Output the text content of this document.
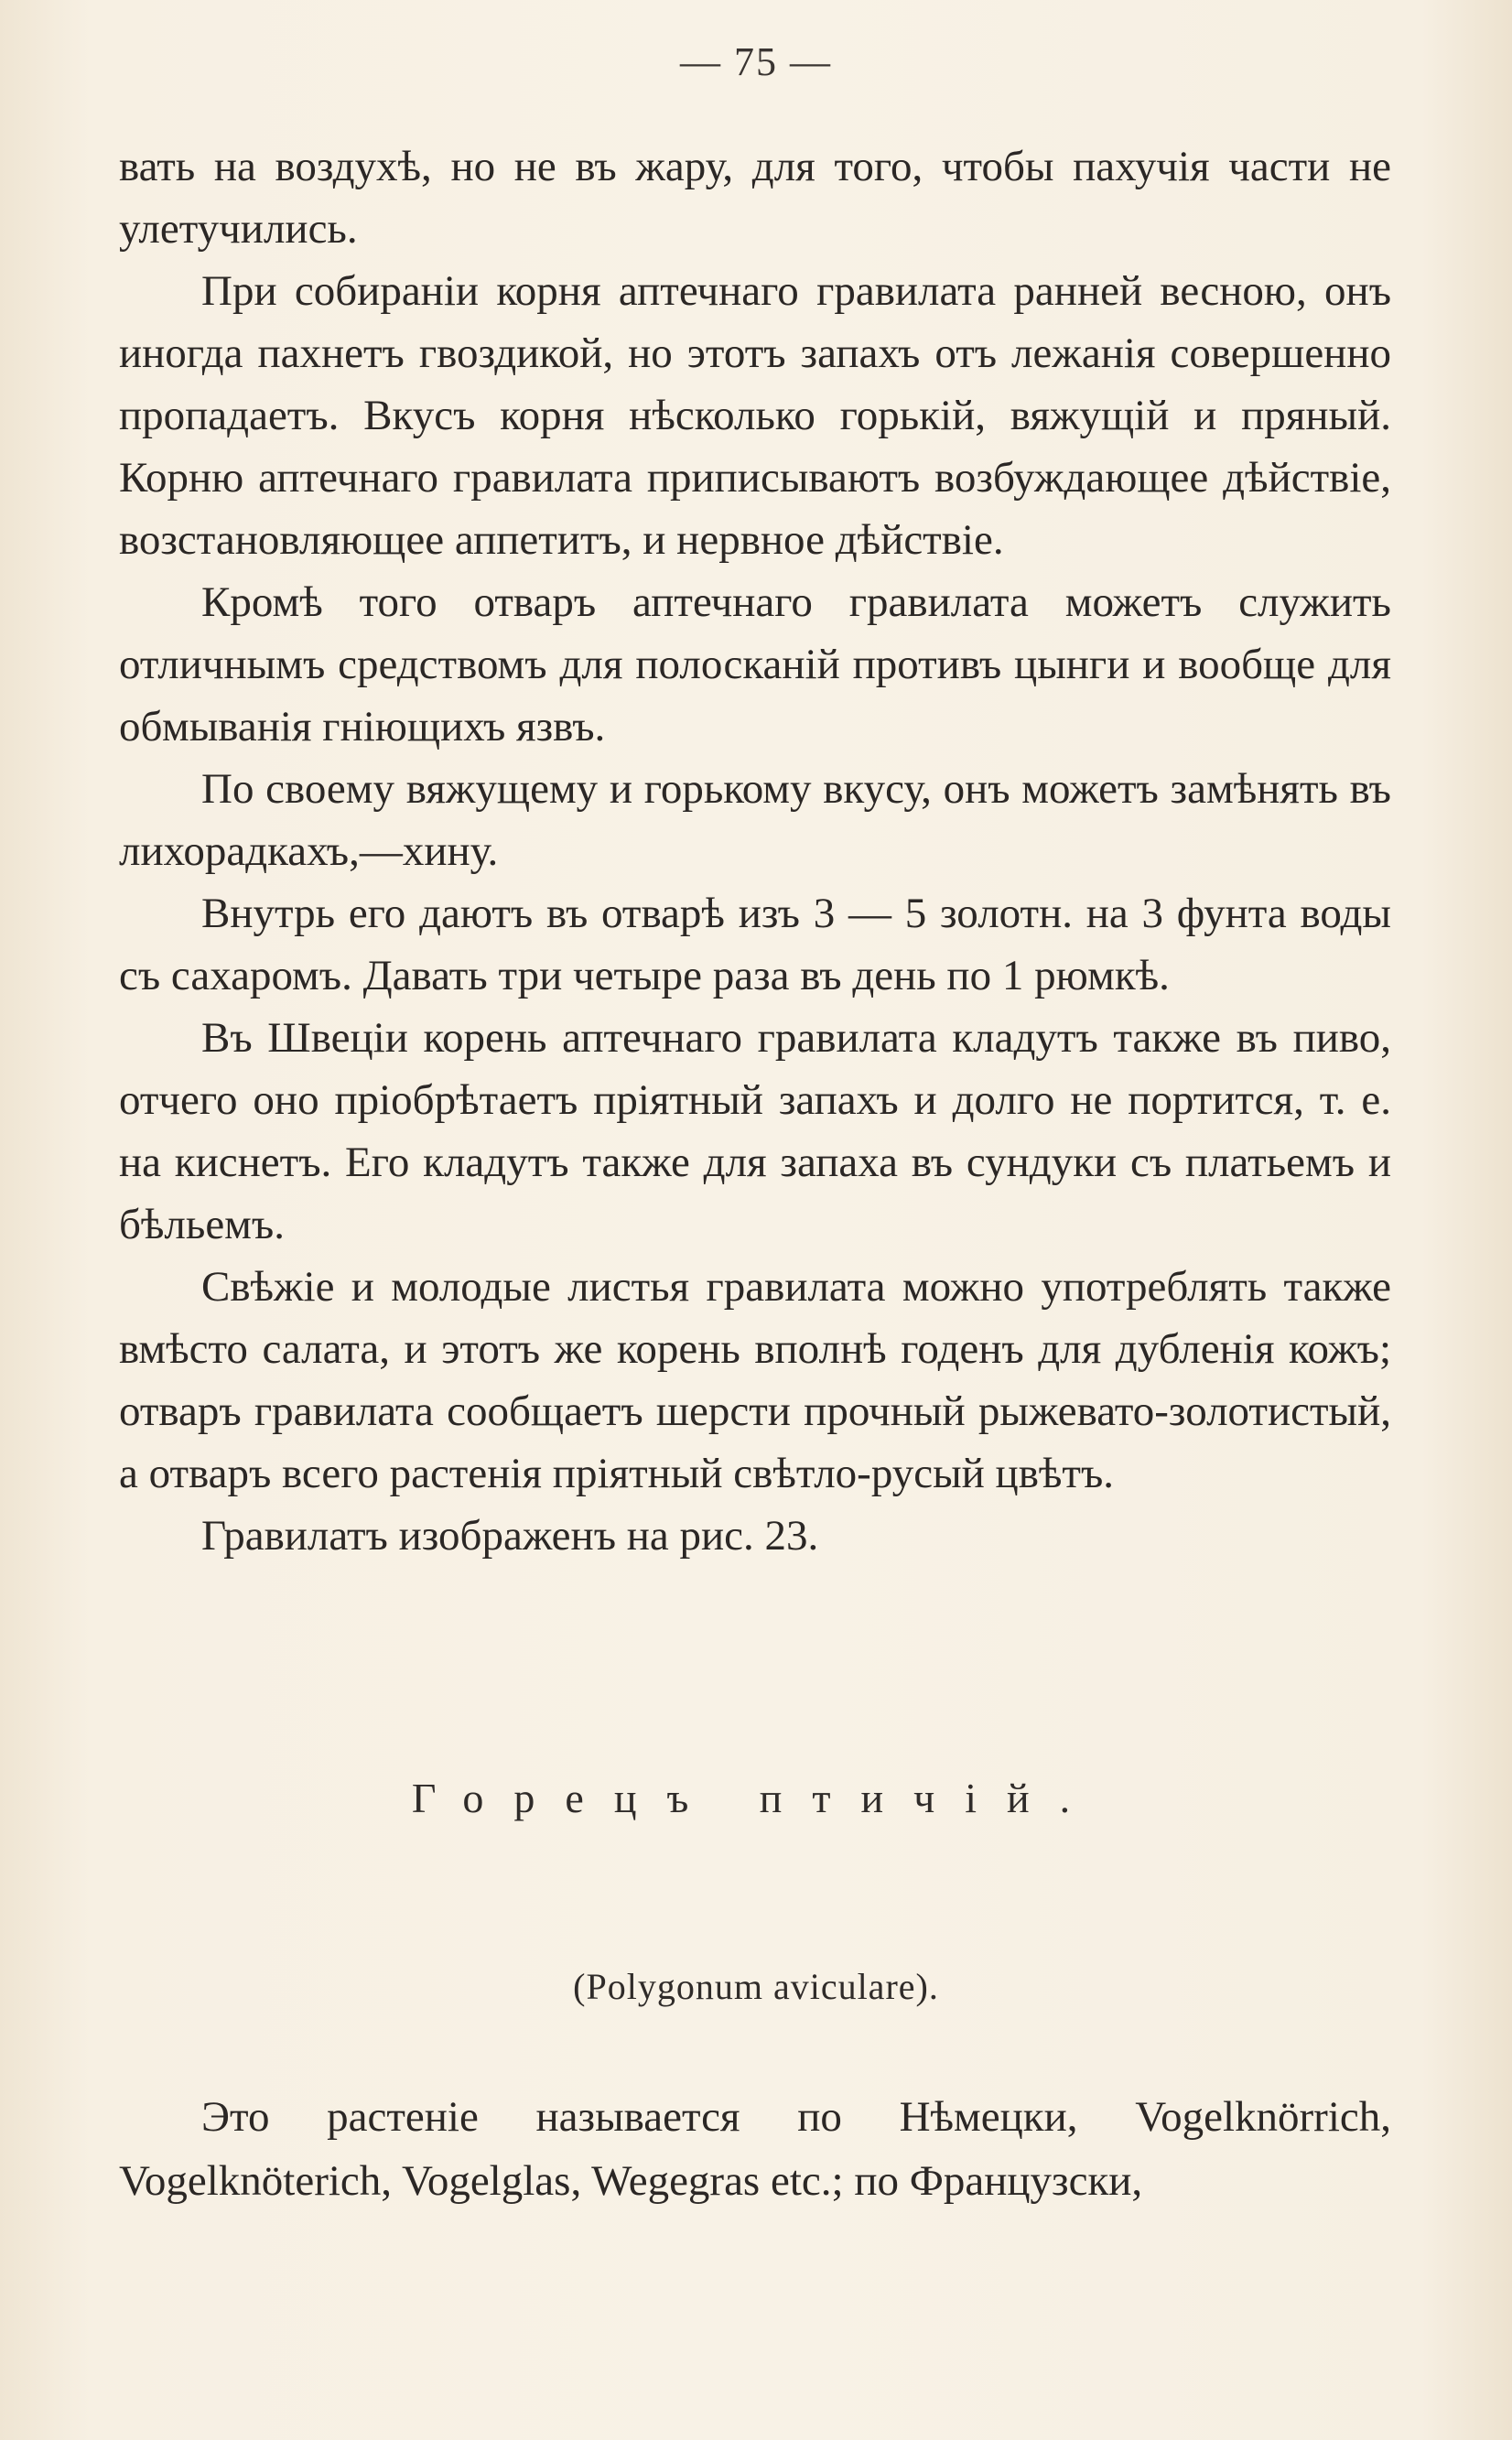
— 75 —

вать на воздухѣ, но не въ жару, для того, чтобы пахучія части не улетучились.

При собираніи корня аптечнаго гравилата ранней весною, онъ иногда пахнетъ гвоздикой, но этотъ запахъ отъ лежанія совершенно пропадаетъ. Вкусъ корня нѣсколько горькій, вяжущій и пряный. Корню аптечнаго гравилата приписываютъ возбуждающее дѣйствіе, возстановляющее аппетитъ, и нервное дѣйствіе.

Кромѣ того отваръ аптечнаго гравилата можетъ служить отличнымъ средствомъ для полосканій противъ цынги и вообще для обмыванія гніющихъ язвъ.

По своему вяжущему и горькому вкусу, онъ можетъ замѣнять въ лихорадкахъ,—хину.

Внутрь его даютъ въ отварѣ изъ 3 — 5 золотн. на 3 фунта воды съ сахаромъ. Давать три четыре раза въ день по 1 рюмкѣ.

Въ Швеціи корень аптечнаго гравилата кладутъ также въ пиво, отчего оно пріобрѣтаетъ пріятный запахъ и долго не портится, т. е. на киснетъ. Его кладутъ также для запаха въ сундуки съ платьемъ и бѣльемъ.

Свѣжіе и молодые листья гравилата можно употреблять также вмѣсто салата, и этотъ же корень вполнѣ годенъ для дубленія кожъ; отваръ гравилата сообщаетъ шерсти прочный рыжевато-золотистый, а отваръ всего растенія пріятный свѣтло-русый цвѣтъ.

Гравилатъ изображенъ на рис. 23.

Горецъ птичій.
(Polygonum aviculare).

Это растеніе называется по Нѣмецки, Vogelknörrich, Vogelknöterich, Vogelglas, Wegegras etc.; по Французски,
